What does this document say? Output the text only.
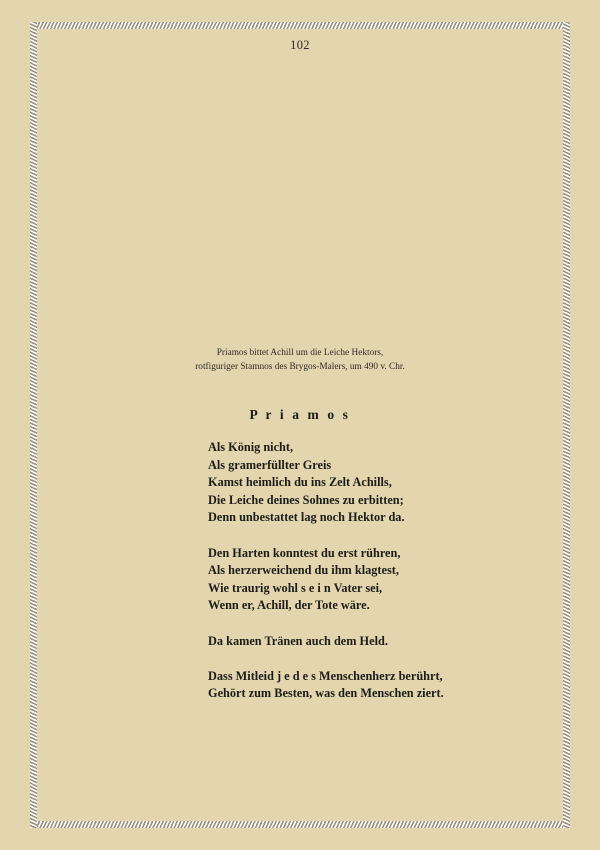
102
Priamos bittet Achill um die Leiche Hektors,
rotfiguriger Stamnos des Brygos-Malers, um 490 v. Chr.
P r i a m o s
Als König nicht,
Als gramerfüllter Greis
Kamst heimlich du ins Zelt Achills,
Die Leiche deines Sohnes zu erbitten;
Denn unbestattet lag noch Hektor da.
Den Harten konntest du erst rühren,
Als herzerweichend du ihm klagtest,
Wie traurig wohl s e i n Vater sei,
Wenn er, Achill, der Tote wäre.
Da kamen Tränen auch dem Held.
Dass Mitleid j e d e s Menschenherz berührt,
Gehört zum Besten, was den Menschen ziert.
